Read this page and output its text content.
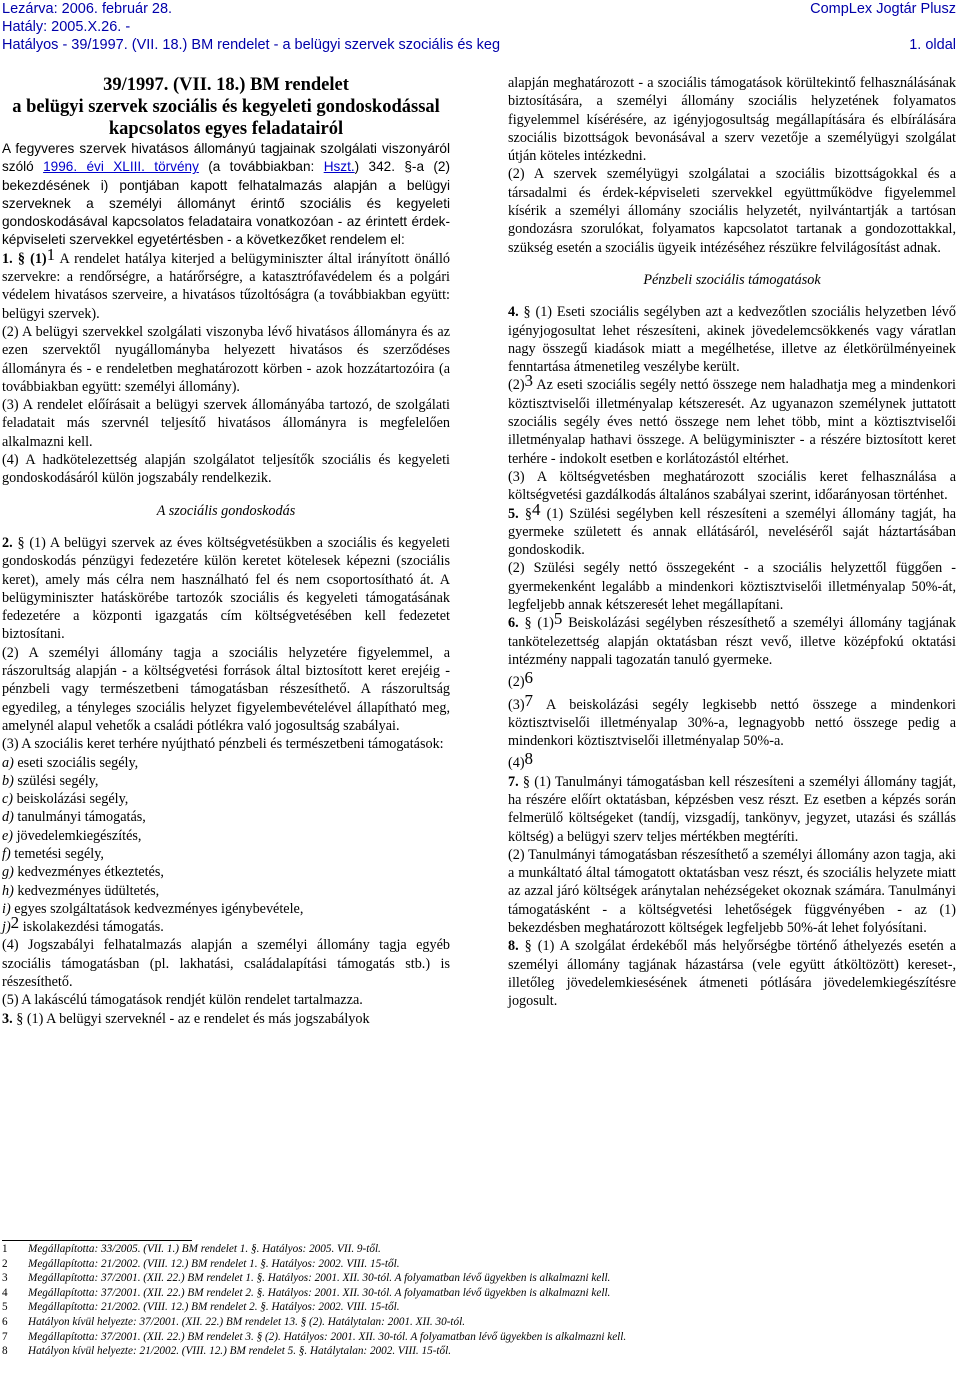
Lezárva: 2006. február 28.	CompLex Jogtár Plusz
Hatály: 2005.X.26. -
Hatályos - 39/1997. (VII. 18.) BM rendelet - a belügyi szervek szociális és keg	1. oldal

39/1997. (VII. 18.) BM rendelet

a belügyi szervek szociális és kegyeleti gondoskodással kapcsolatos egyes feladatairól

A fegyveres szervek hivatásos állományú tagjainak szolgálati viszonyáról szóló 1996. évi XLIII. törvény (a továbbiakban: Hszt.) 342. §-a (2) bekezdésének i) pontjában kapott felhatalmazás alapján a belügyi szerveknek a személyi állományt érintő szociális és kegyeleti gondoskodásával kapcsolatos feladataira vonatkozóan - az érintett érdek-képviseleti szervekkel egyetértésben - a következőket rendelem el:

1. § $(1)^1$ A rendelet hatálya kiterjed a belügyminiszter által irányított önálló szervekre: a rendőrségre, a határőrségre, a katasztrófavédelem és a polgári védelem hivatásos szerveire, a hivatásos tűzoltóságra (a továbbiakban együtt: belügyi szervek).

(2) A belügyi szervekkel szolgálati viszonyba lévő hivatásos állományra és az ezen szervektől nyugállományba helyezett hivatásos és szerződéses állományra és - e rendeletben meghatározott körben - azok hozzátartozóira (a továbbiakban együtt: személyi állomány).

(3) A rendelet előírásait a belügyi szervek állományába tartozó, de szolgálati feladatait más szervnél teljesítő hivatásos állományra is megfelelően alkalmazni kell.

(4) A hadkötelezettség alapján szolgálatot teljesítők szociális és kegyeleti gondoskodásáról külön jogszabály rendelkezik.

A szociális gondoskodás

2. § (1) A belügyi szervek az éves költségvetésükben a szociális és kegyeleti gondoskodás pénzügyi fedezetére külön keretet kötelesek képezni (szociális keret), amely más célra nem használható fel és nem csoportosítható át. A belügyminiszter hatáskörébe tartozók szociális és kegyeleti támogatásának fedezetére a központi igazgatás cím költségvetésében kell fedezetet biztosítani.

(2) A személyi állomány tagja a szociális helyzetére figyelemmel, a rászorultság alapján - a költségvetési források által biztosított keret erejéig - pénzbeli vagy természetbeni támogatásban részesíthető. A rászorultság egyedileg, a tényleges szociális helyzet figyelembevételével állapítható meg, amelynél alapul vehetők a családi pótlékra való jogosultság szabályai.

(3) A szociális keret terhére nyújtható pénzbeli és természetbeni támogatások:

a) eseti szociális segély,

b) szülési segély,

c) beiskolázási segély,

d) tanulmányi támogatás,

e) jövedelemkiegészítés,

f) temetési segély,

g) kedvezményes étkeztetés,

h) kedvezményes üdültetés,

i) egyes szolgáltatások kedvezményes igénybevétele,

j)$^2$ iskolakezdési támogatás.

(4) Jogszabályi felhatalmazás alapján a személyi állomány tagja egyéb szociális támogatásban (pl. lakhatási, családalapítási támogatás stb.) is részesíthető.

(5) A lakáscélú támogatások rendjét külön rendelet tartalmazza.

3. § (1) A belügyi szerveknél - az e rendelet és más jogszabályok

alapján meghatározott - a szociális támogatások körültekintő felhasználásának biztosítására, a személyi állomány szociális helyzetének folyamatos figyelemmel kísérésére, az igényjogosultság megállapítására és elbírálására szociális bizottságok bevonásával a szerv vezetője a személyügyi szolgálat útján köteles intézkedni.

(2) A szervek személyügyi szolgálatai a szociális bizottságokkal és a társadalmi és érdek-képviseleti szervekkel együttműködve figyelemmel kísérik a személyi állomány szociális helyzetét, nyilvántartják a tartósan gondozásra szorulókat, folyamatos kapcsolatot tartanak a gondozottakkal, szükség esetén a szociális ügyeik intézéséhez részükre felvilágosítást adnak.

Pénzbeli szociális támogatások

4. § (1) Eseti szociális segélyben azt a kedvezőtlen szociális helyzetben lévő igényjogosultat lehet részesíteni, akinek jövedelemcsökkenés vagy váratlan nagy összegű kiadások miatt a megélhetése, illetve az életkörülményeinek fenntartása átmenetileg veszélybe került.

$(2)^3$ Az eseti szociális segély nettó összege nem haladhatja meg a mindenkori köztisztviselői illetményalap kétszeresét. Az ugyanazon személynek juttatott szociális segély éves nettó összege nem lehet több, mint a köztisztviselői illetményalap hathavi összege. A belügyminiszter - a részére biztosított keret terhére - indokolt esetben e korlátozástól eltérhet.

(3) A költségvetésben meghatározott szociális keret felhasználása a költségvetési gazdálkodás általános szabályai szerint, időarányosan történhet.

5. §$^4$ (1) Szülési segélyben kell részesíteni a személyi állomány tagját, ha gyermeke született és annak ellátásáról, neveléséről saját háztartásában gondoskodik.

(2) Szülési segély nettó összegeként - a szociális helyzettől függően - gyermekenként legalább a mindenkori köztisztviselői illetményalap 50%-át, legfeljebb annak kétszeresét lehet megállapítani.

6. § $(1)^5$ Beiskolázási segélyben részesíthető a személyi állomány tagjának tankötelezettség alapján oktatásban részt vevő, illetve középfokú oktatási intézmény nappali tagozatán tanuló gyermeke.

$(2)^6$

$(3)^7$ A beiskolázási segély legkisebb nettó összege a mindenkori köztisztviselői illetményalap 30%-a, legnagyobb nettó összege pedig a mindenkori köztisztviselői illetményalap 50%-a.

$(4)^8$

7. § (1) Tanulmányi támogatásban kell részesíteni a személyi állomány tagját, ha részére előírt oktatásban, képzésben vesz részt. Ez esetben a képzés során felmerülő költségeket (tandíj, vizsgadíj, tankönyv, jegyzet, utazási és szállás költség) a belügyi szerv teljes mértékben megtéríti.

(2) Tanulmányi támogatásban részesíthető a személyi állomány azon tagja, aki a munkáltató által támogatott oktatásban vesz részt, és szociális helyzete miatt az azzal járó költségek aránytalan nehézségeket okoznak számára. Tanulmányi támogatásként - a költségvetési lehetőségek függvényében - az (1) bekezdésben meghatározott költségek legfeljebb 50%-át lehet folyósítani.

8. § (1) A szolgálat érdekéből más helyőrségbe történő áthelyezés esetén a személyi állomány tagjának házastársa (vele együtt átköltözött) kereset-, illetőleg jövedelemkiesésének átmeneti pótlására jövedelemkiegészítésre jogosult.

1	Megállapította: 33/2005. (VII. 1.) BM rendelet 1. §. Hatályos: 2005. VII. 9-től.
2	Megállapította: 21/2002. (VIII. 12.) BM rendelet 1. §. Hatályos: 2002. VIII. 15-től.
3	Megállapította: 37/2001. (XII. 22.) BM rendelet 1. §. Hatályos: 2001. XII. 30-tól. A folyamatban lévő ügyekben is alkalmazni kell.
4	Megállapította: 37/2001. (XII. 22.) BM rendelet 2. §. Hatályos: 2001. XII. 30-tól. A folyamatban lévő ügyekben is alkalmazni kell.
5	Megállapította: 21/2002. (VIII. 12.) BM rendelet 2. §. Hatályos: 2002. VIII. 15-től.
6	Hatályon kívül helyezte: 37/2001. (XII. 22.) BM rendelet 13. § (2). Hatálytalan: 2001. XII. 30-tól.
7	Megállapította: 37/2001. (XII. 22.) BM rendelet 3. § (2). Hatályos: 2001. XII. 30-tól. A folyamatban lévő ügyekben is alkalmazni kell.
8	Hatályon kívül helyezte: 21/2002. (VIII. 12.) BM rendelet 5. §. Hatálytalan: 2002. VIII. 15-től.
